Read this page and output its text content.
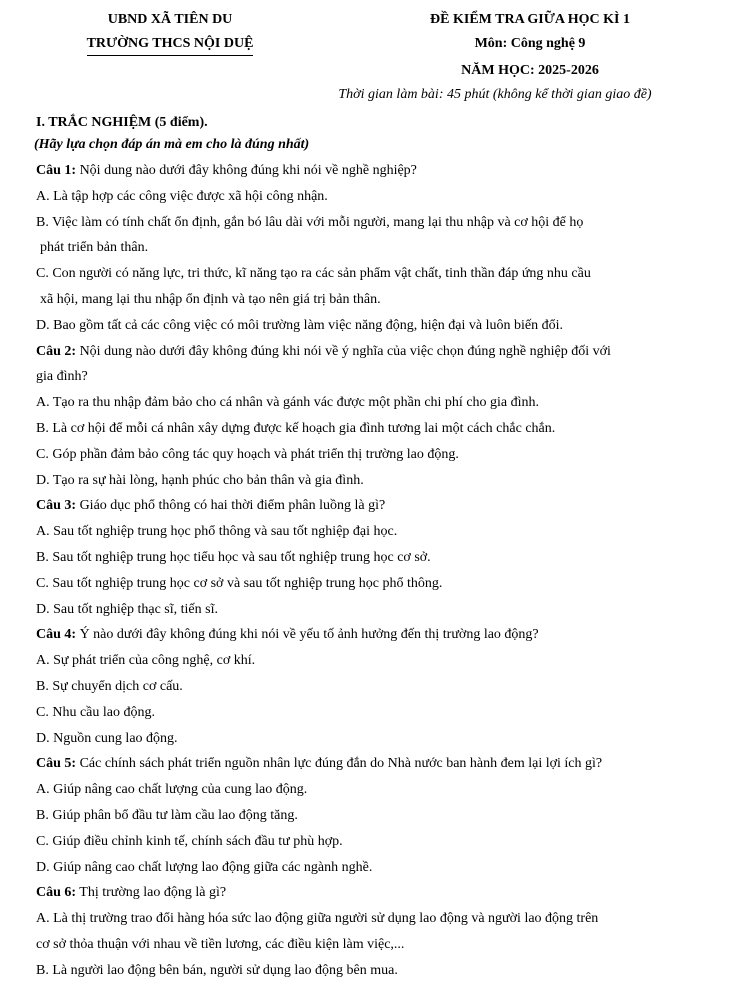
UBND XÃ TIÊN DU
TRƯỜNG THCS NỘI DUỆ
ĐỀ KIỂM TRA GIỮA HỌC KÌ 1
Môn: Công nghệ 9
NĂM HỌC: 2025-2026
Thời gian làm bài: 45 phút (không kể thời gian giao đề)

I. TRẮC NGHIỆM (5 điểm).

(Hãy lựa chọn đáp án mà em cho là đúng nhất)

Câu 1: Nội dung nào dưới đây không đúng khi nói về nghề nghiệp?

A. Là tập hợp các công việc được xã hội công nhận.

B. Việc làm có tính chất ổn định, gắn bó lâu dài với mỗi người, mang lại thu nhập và cơ hội để họ

phát triển bản thân.

C. Con người có năng lực, tri thức, kĩ năng tạo ra các sản phẩm vật chất, tinh thần đáp ứng nhu cầu

xã hội, mang lại thu nhập ổn định và tạo nên giá trị bản thân.

D. Bao gồm tất cả các công việc có môi trường làm việc năng động, hiện đại và luôn biến đổi.

Câu 2: Nội dung nào dưới đây không đúng khi nói về ý nghĩa của việc chọn đúng nghề nghiệp đối với

gia đình?

A. Tạo ra thu nhập đảm bảo cho cá nhân và gánh vác được một phần chi phí cho gia đình.

B. Là cơ hội để mỗi cá nhân xây dựng được kế hoạch gia đình tương lai một cách chắc chắn.

C. Góp phần đảm bảo công tác quy hoạch và phát triển thị trường lao động.

D. Tạo ra sự hài lòng, hạnh phúc cho bản thân và gia đình.

Câu 3: Giáo dục phổ thông có hai thời điểm phân luồng là gì?

A. Sau tốt nghiệp trung học phổ thông và sau tốt nghiệp đại học.

B. Sau tốt nghiệp trung học tiểu học và sau tốt nghiệp trung học cơ sở.

C. Sau tốt nghiệp trung học cơ sở và sau tốt nghiệp trung học phổ thông.

D. Sau tốt nghiệp thạc sĩ, tiến sĩ.

Câu 4: Ý nào dưới đây không đúng khi nói về yếu tố ảnh hưởng đến thị trường lao động?

A. Sự phát triển của công nghệ, cơ khí.

B. Sự chuyển dịch cơ cấu.

C. Nhu cầu lao động.

D. Nguồn cung lao động.

Câu 5: Các chính sách phát triển nguồn nhân lực đúng đắn do Nhà nước ban hành đem lại lợi ích gì?

A. Giúp nâng cao chất lượng của cung lao động.

B. Giúp phân bổ đầu tư làm cầu lao động tăng.

C. Giúp điều chỉnh kinh tế, chính sách đầu tư phù hợp.

D. Giúp nâng cao chất lượng lao động giữa các ngành nghề.

Câu 6: Thị trường lao động là gì?

A. Là thị trường trao đổi hàng hóa sức lao động giữa người sử dụng lao động và người lao động trên

cơ sở thỏa thuận với nhau về tiền lương, các điều kiện làm việc,...

B. Là người lao động bên bán, người sử dụng lao động bên mua.
